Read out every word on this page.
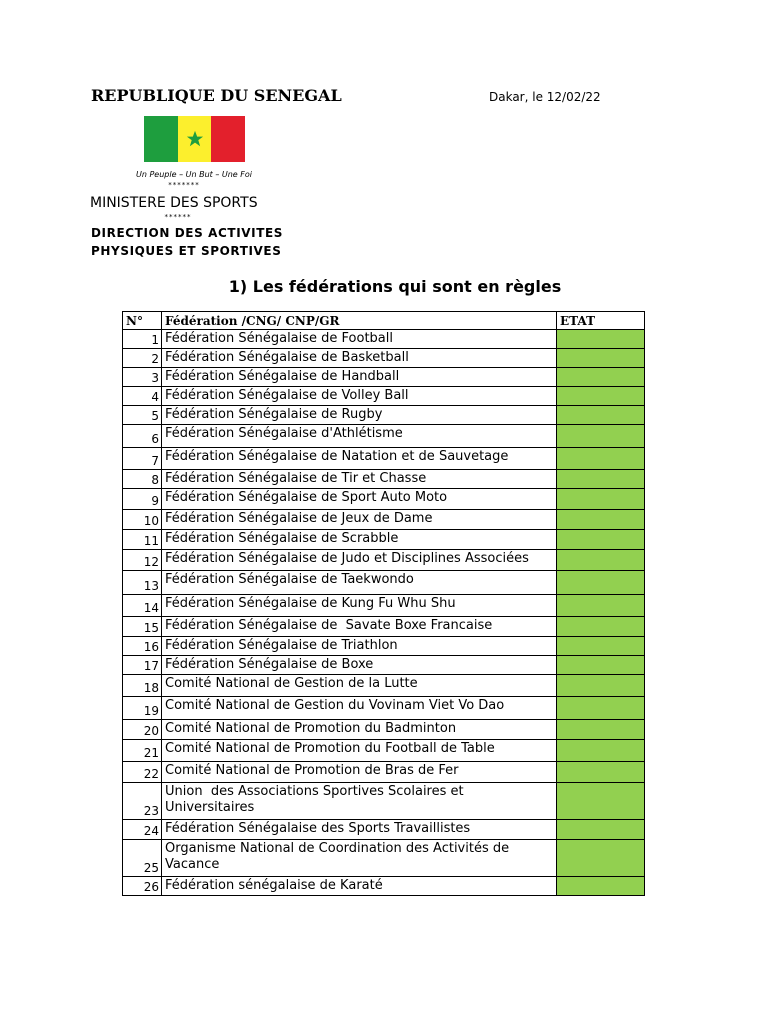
REPUBLIQUE DU SENEGAL	Dakar, le 12/02/22
Un Peuple – Un But – Une Foi
*******
MINISTERE DES SPORTS
******
DIRECTION DES ACTIVITES
PHYSIQUES ET SPORTIVES
1) Les fédérations qui sont en règles
N°	Fédération /CNG/ CNP/GR	ETAT
1	Fédération Sénégalaise de Football	
2	Fédération Sénégalaise de Basketball	
3	Fédération Sénégalaise de Handball	
4	Fédération Sénégalaise de Volley Ball	
5	Fédération Sénégalaise de Rugby	
6	Fédération Sénégalaise d'Athlétisme	
7	Fédération Sénégalaise de Natation et de Sauvetage	
8	Fédération Sénégalaise de Tir et Chasse	
9	Fédération Sénégalaise de Sport Auto Moto	
10	Fédération Sénégalaise de Jeux de Dame	
11	Fédération Sénégalaise de Scrabble	
12	Fédération Sénégalaise de Judo et Disciplines Associées	
13	Fédération Sénégalaise de Taekwondo	
14	Fédération Sénégalaise de Kung Fu Whu Shu	
15	Fédération Sénégalaise de  Savate Boxe Francaise	
16	Fédération Sénégalaise de Triathlon	
17	Fédération Sénégalaise de Boxe	
18	Comité National de Gestion de la Lutte	
19	Comité National de Gestion du Vovinam Viet Vo Dao	
20	Comité National de Promotion du Badminton	
21	Comité National de Promotion du Football de Table	
22	Comité National de Promotion de Bras de Fer	
23	Union  des Associations Sportives Scolaires et Universitaires	
24	Fédération Sénégalaise des Sports Travaillistes	
25	Organisme National de Coordination des Activités de Vacance	
26	Fédération sénégalaise de Karaté	
